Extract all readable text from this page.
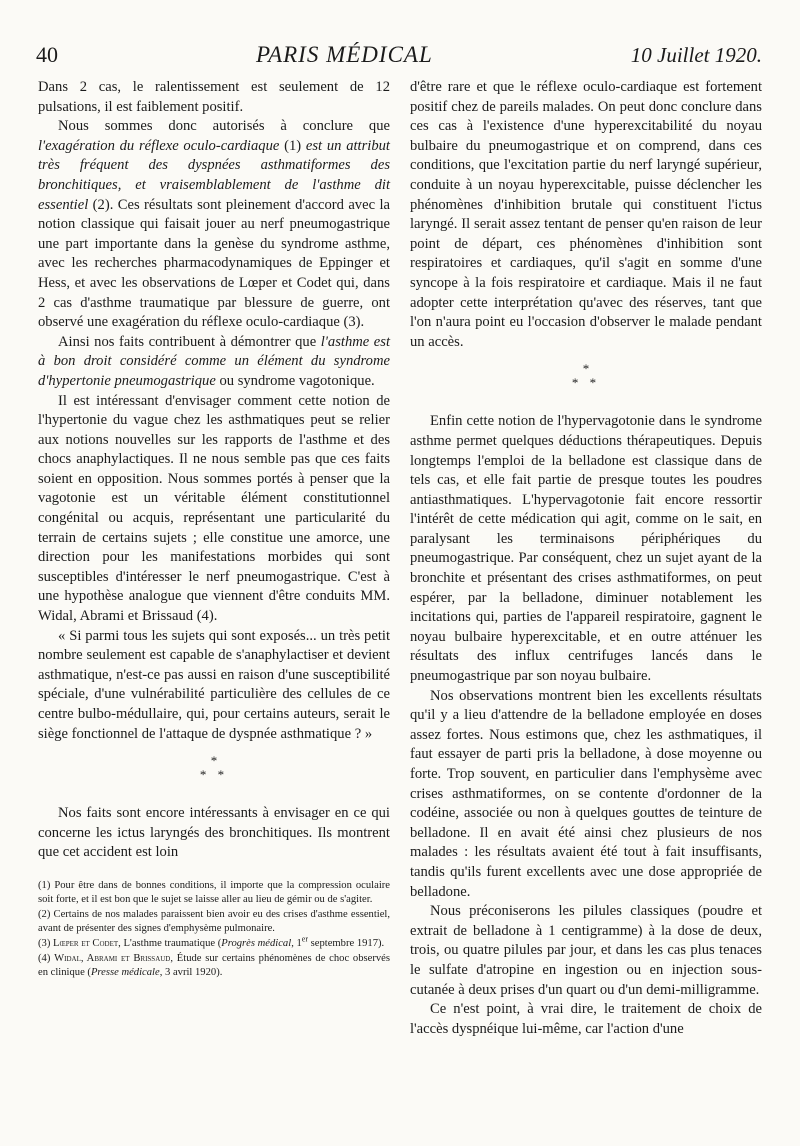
40	PARIS MÉDICAL	10 Juillet 1920.

Dans 2 cas, le ralentissement est seulement de 12 pulsations, il est faiblement positif.

Nous sommes donc autorisés à conclure que l'exagération du réflexe oculo-cardiaque (1) est un attribut très fréquent des dyspnées asthmatiformes des bronchitiques, et vraisemblablement de l'asthme dit essentiel (2). Ces résultats sont pleinement d'accord avec la notion classique qui faisait jouer au nerf pneumogastrique une part importante dans la genèse du syndrome asthme, avec les recherches pharmacodynamiques de Eppinger et Hess, et avec les observations de Lœper et Codet qui, dans 2 cas d'asthme traumatique par blessure de guerre, ont observé une exagération du réflexe oculo-cardiaque (3).

Ainsi nos faits contribuent à démontrer que l'asthme est à bon droit considéré comme un élément du syndrome d'hypertonie pneumogastrique ou syndrome vagotonique.

Il est intéressant d'envisager comment cette notion de l'hypertonie du vague chez les asthmatiques peut se relier aux notions nouvelles sur les rapports de l'asthme et des chocs anaphylactiques. Il ne nous semble pas que ces faits soient en opposition. Nous sommes portés à penser que la vagotonie est un véritable élément constitutionnel congénital ou acquis, représentant une particularité du terrain de certains sujets ; elle constitue une amorce, une direction pour les manifestations morbides qui sont susceptibles d'intéresser le nerf pneumogastrique. C'est à une hypothèse analogue que viennent d'être conduits MM. Widal, Abrami et Brissaud (4).

« Si parmi tous les sujets qui sont exposés... un très petit nombre seulement est capable de s'anaphylactiser et devient asthmatique, n'est-ce pas aussi en raison d'une susceptibilité spéciale, d'une vulnérabilité particulière des cellules de ce centre bulbo-médullaire, qui, pour certains auteurs, serait le siège fonctionnel de l'attaque de dyspnée asthmatique ? »

*
* *

Nos faits sont encore intéressants à envisager en ce qui concerne les ictus laryngés des bronchitiques. Ils montrent que cet accident est loin

(1) Pour être dans de bonnes conditions, il importe que la compression oculaire soit forte, et il est bon que le sujet se laisse aller au lieu de gémir ou de s'agiter.

(2) Certains de nos malades paraissent bien avoir eu des crises d'asthme essentiel, avant de présenter des signes d'emphysème pulmonaire.

(3) Lœper et Codet, L'asthme traumatique (Progrès médical, 1er septembre 1917).

(4) Widal, Abrami et Brissaud, Étude sur certains phénomènes de choc observés en clinique (Presse médicale, 3 avril 1920).

d'être rare et que le réflexe oculo-cardiaque est fortement positif chez de pareils malades. On peut donc conclure dans ces cas à l'existence d'une hyperexcitabilité du noyau bulbaire du pneumogastrique et on comprend, dans ces conditions, que l'excitation partie du nerf laryngé supérieur, conduite à un noyau hyperexcitable, puisse déclencher les phénomènes d'inhibition brutale qui constituent l'ictus laryngé. Il serait assez tentant de penser qu'en raison de leur point de départ, ces phénomènes d'inhibition sont respiratoires et cardiaques, qu'il s'agit en somme d'une syncope à la fois respiratoire et cardiaque. Mais il ne faut adopter cette interprétation qu'avec des réserves, tant que l'on n'aura point eu l'occasion d'observer le malade pendant un accès.

*
* *

Enfin cette notion de l'hypervagotonie dans le syndrome asthme permet quelques déductions thérapeutiques. Depuis longtemps l'emploi de la belladone est classique dans de tels cas, et elle fait partie de presque toutes les poudres antiasthmatiques. L'hypervagotonie fait encore ressortir l'intérêt de cette médication qui agit, comme on le sait, en paralysant les terminaisons périphériques du pneumogastrique. Par conséquent, chez un sujet ayant de la bronchite et présentant des crises asthmatiformes, on peut espérer, par la belladone, diminuer notablement les incitations qui, parties de l'appareil respiratoire, gagnent le noyau bulbaire hyperexcitable, et en outre atténuer les résultats des influx centrifuges lancés dans le pneumogastrique par son noyau bulbaire.

Nos observations montrent bien les excellents résultats qu'il y a lieu d'attendre de la belladone employée en doses assez fortes. Nous estimons que, chez les asthmatiques, il faut essayer de parti pris la belladone, à dose moyenne ou forte. Trop souvent, en particulier dans l'emphysème avec crises asthmatiformes, on se contente d'ordonner de la codéine, associée ou non à quelques gouttes de teinture de belladone. Il en avait été ainsi chez plusieurs de nos malades : les résultats avaient été tout à fait insuffisants, tandis qu'ils furent excellents avec une dose appropriée de belladone.

Nous préconiserons les pilules classiques (poudre et extrait de belladone à 1 centigramme) à la dose de deux, trois, ou quatre pilules par jour, et dans les cas plus tenaces le sulfate d'atropine en ingestion ou en injection sous-cutanée à deux prises d'un quart ou d'un demi-milligramme.

Ce n'est point, à vrai dire, le traitement de choix de l'accès dyspnéique lui-même, car l'action d'une
